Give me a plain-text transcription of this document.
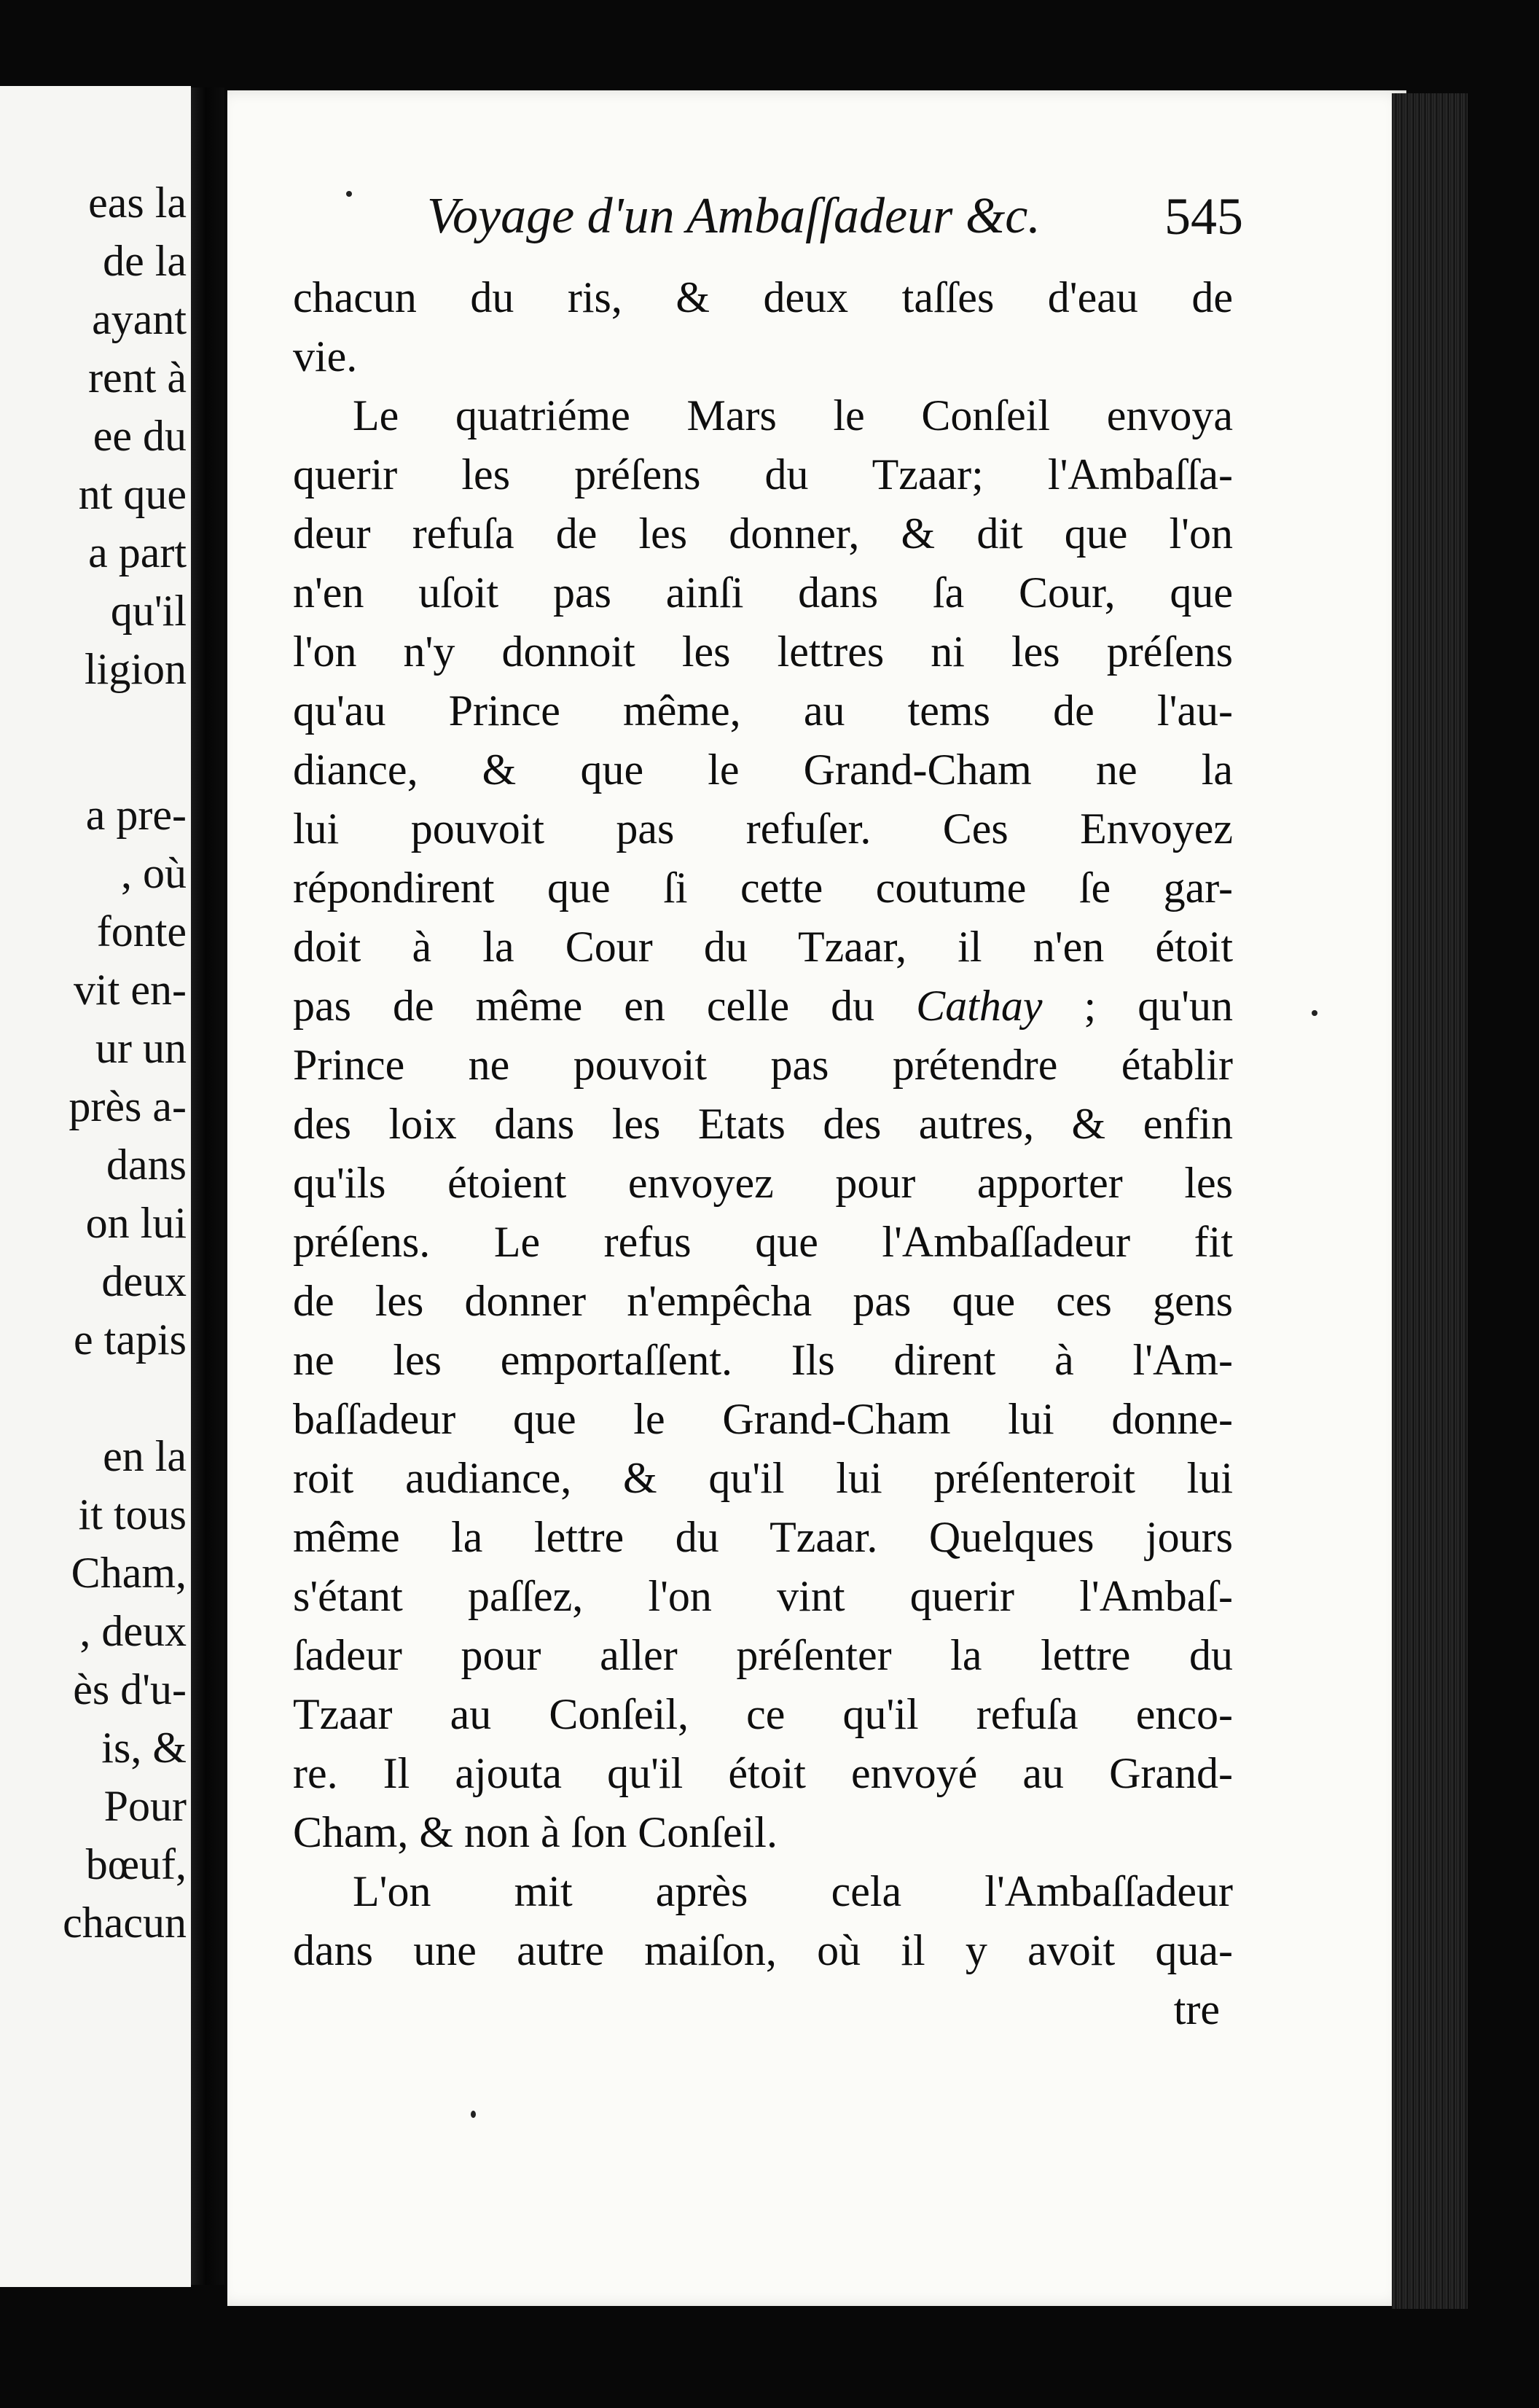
eas la
de la
ayant
rent à
ee du
nt que
a part
qu'il
ligion
a pre-
, où
fonte
vit en-
ur un
près a-
dans
on lui
deux
e tapis
en la
it tous
Cham,
, deux
ès d'u-
is, &
Pour
bœuf,
chacun
Voyage d'un Ambaſſadeur &c. 545
chacun du ris, & deux taſſes d'eau de
vie.
Le quatriéme Mars le Conſeil envoya
querir les préſens du Tzaar; l'Ambaſſa-
deur refuſa de les donner, & dit que l'on
n'en uſoit pas ainſi dans ſa Cour, que
l'on n'y donnoit les lettres ni les préſens
qu'au Prince même, au tems de l'au-
diance, & que le Grand-Cham ne la
lui pouvoit pas refuſer. Ces Envoyez
répondirent que ſi cette coutume ſe gar-
doit à la Cour du Tzaar, il n'en étoit
pas de même en celle du Cathay ; qu'un
Prince ne pouvoit pas prétendre établir
des loix dans les Etats des autres, & enfin
qu'ils étoient envoyez pour apporter les
préſens. Le refus que l'Ambaſſadeur fit
de les donner n'empêcha pas que ces gens
ne les emportaſſent. Ils dirent à l'Am-
baſſadeur que le Grand-Cham lui donne-
roit audiance, & qu'il lui préſenteroit lui
même la lettre du Tzaar. Quelques jours
s'étant paſſez, l'on vint querir l'Ambaſ-
ſadeur pour aller préſenter la lettre du
Tzaar au Conſeil, ce qu'il refuſa enco-
re. Il ajouta qu'il étoit envoyé au Grand-
Cham, & non à ſon Conſeil.
L'on mit après cela l'Ambaſſadeur
dans une autre maiſon, où il y avoit qua-
tre
